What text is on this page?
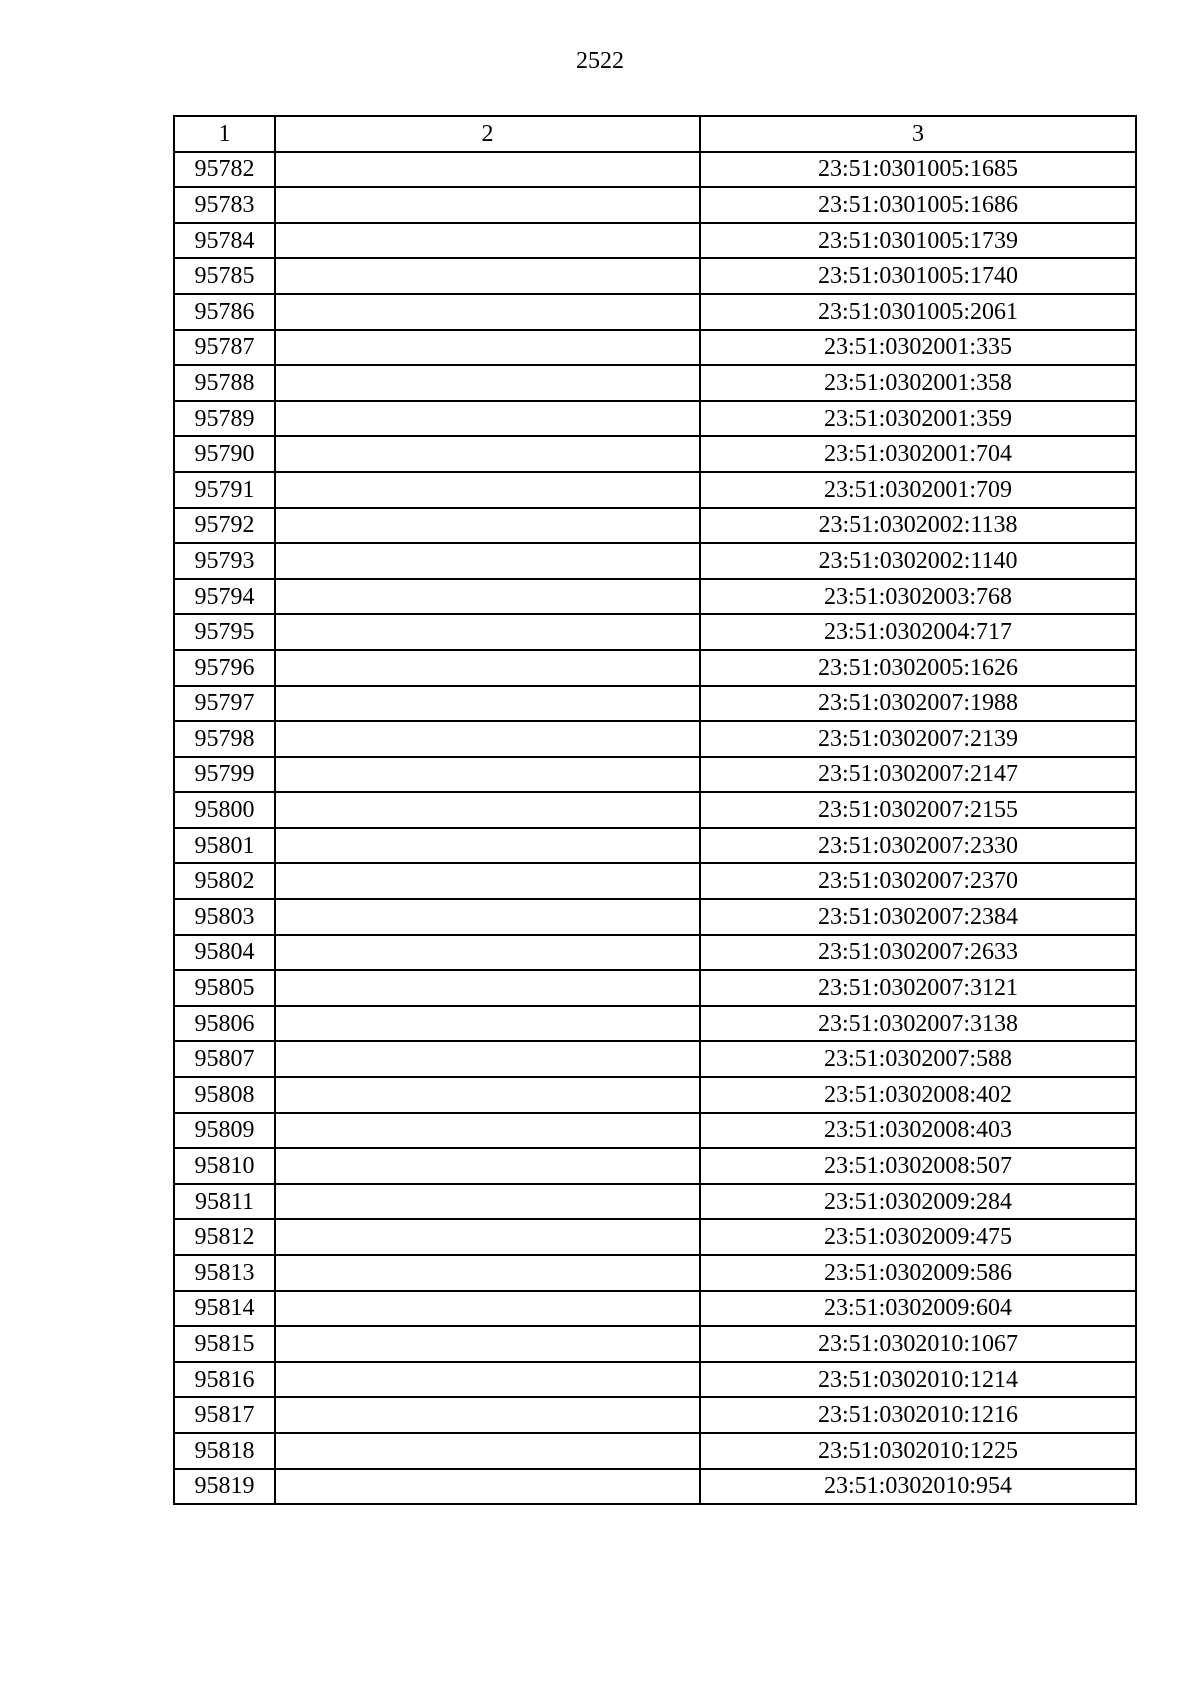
2522
1	2	3
95782		23:51:0301005:1685
95783		23:51:0301005:1686
95784		23:51:0301005:1739
95785		23:51:0301005:1740
95786		23:51:0301005:2061
95787		23:51:0302001:335
95788		23:51:0302001:358
95789		23:51:0302001:359
95790		23:51:0302001:704
95791		23:51:0302001:709
95792		23:51:0302002:1138
95793		23:51:0302002:1140
95794		23:51:0302003:768
95795		23:51:0302004:717
95796		23:51:0302005:1626
95797		23:51:0302007:1988
95798		23:51:0302007:2139
95799		23:51:0302007:2147
95800		23:51:0302007:2155
95801		23:51:0302007:2330
95802		23:51:0302007:2370
95803		23:51:0302007:2384
95804		23:51:0302007:2633
95805		23:51:0302007:3121
95806		23:51:0302007:3138
95807		23:51:0302007:588
95808		23:51:0302008:402
95809		23:51:0302008:403
95810		23:51:0302008:507
95811		23:51:0302009:284
95812		23:51:0302009:475
95813		23:51:0302009:586
95814		23:51:0302009:604
95815		23:51:0302010:1067
95816		23:51:0302010:1214
95817		23:51:0302010:1216
95818		23:51:0302010:1225
95819		23:51:0302010:954
